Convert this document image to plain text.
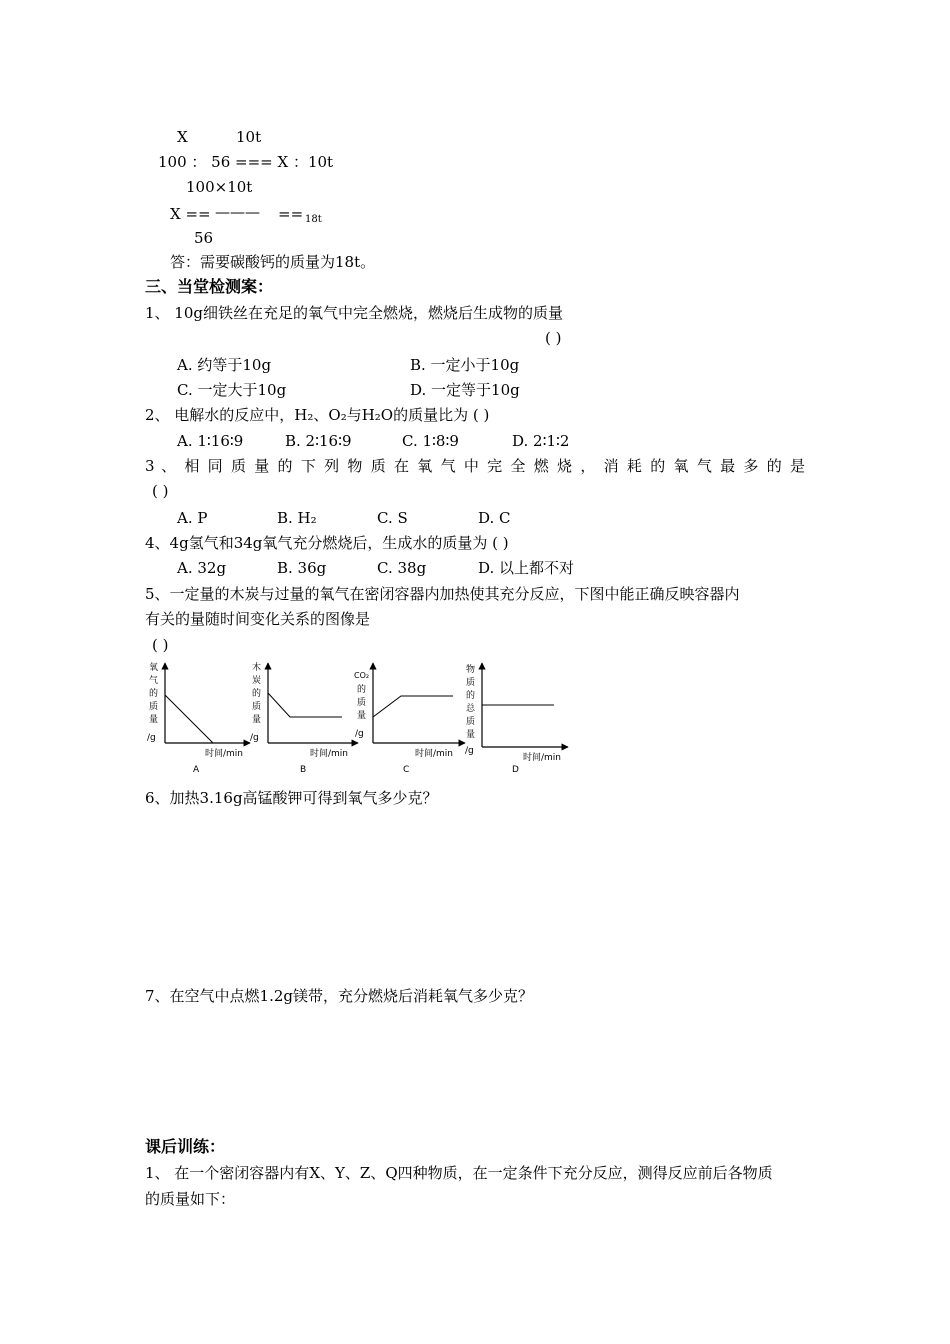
X	10t
100 ： 56 === X ：10t
100×10t
X == ——— == 18t
56
答：需要碳酸钙的质量为18t。
三、当堂检测案：
1、 10g细铁丝在充足的氧气中完全燃烧，燃烧后生成物的质量
( )
A. 约等于10g	B. 一定小于10g
C. 一定大于10g	D. 一定等于10g
2、 电解水的反应中，H₂、O₂与H₂O的质量比为 ( )
A. 1∶16∶9	B. 2∶16∶9	C. 1∶8∶9	D. 2∶1∶2
3 、 相 同 质 量 的 下 列 物 质 在 氧 气 中 完 全 燃 烧 ， 消 耗 的 氧 气 最 多 的 是
( )
A. P	B. H₂	C. S	D. C
4、4g氢气和34g氧气充分燃烧后，生成水的质量为 ( )
A. 32g	B. 36g	C. 38g	D. 以上都不对
5、一定量的木炭与过量的氧气在密闭容器内加热使其充分反应，下图中能正确反映容器内
有关的量随时间变化关系的图像是
( )
氧
气
的
质
量
/g
时间/min
A
木
炭
的
质
量
/g
时间/min
B
CO₂
的
质
量
/g
时间/min
C
物
质
的
总
质
量
/g
时间/min
D
6、加热3.16g高锰酸钾可得到氧气多少克？
7、在空气中点燃1.2g镁带，充分燃烧后消耗氧气多少克？
课后训练：
1、 在一个密闭容器内有X、Y、Z、Q四种物质，在一定条件下充分反应，测得反应前后各物质
的质量如下：
